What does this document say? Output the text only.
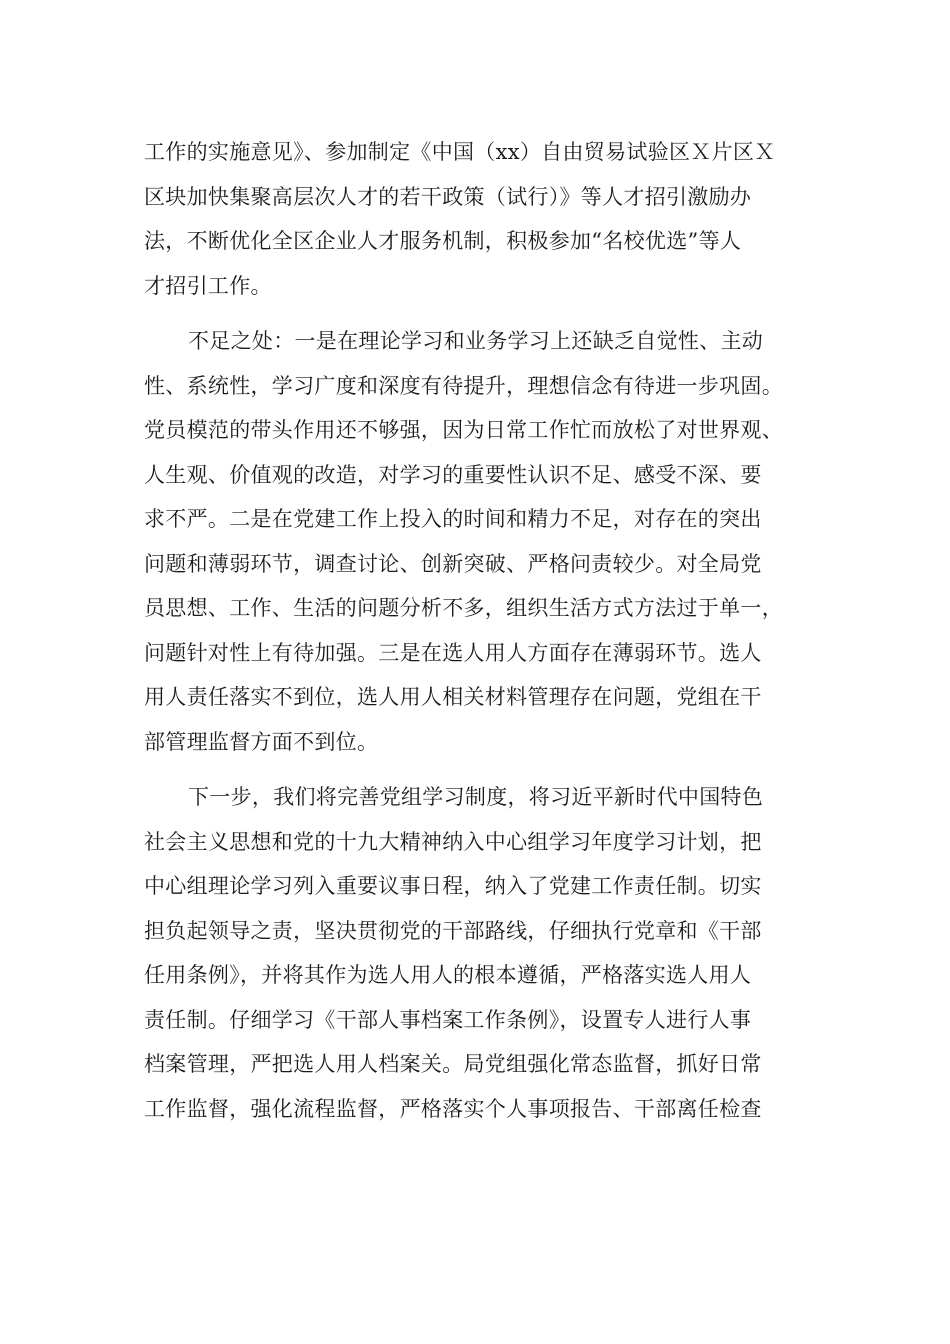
工作的实施意见》、参加制定《中国（xx）自由贸易试验区Ｘ片区Ｘ
区块加快集聚高层次人才的若干政策（试行）》等人才招引激励办
法，不断优化全区企业人才服务机制，积极参加“名校优选”等人
才招引工作。
不足之处：一是在理论学习和业务学习上还缺乏自觉性、主动
性、系统性，学习广度和深度有待提升，理想信念有待进一步巩固。
党员模范的带头作用还不够强，因为日常工作忙而放松了对世界观、
人生观、价值观的改造，对学习的重要性认识不足、感受不深、要
求不严。二是在党建工作上投入的时间和精力不足，对存在的突出
问题和薄弱环节，调查讨论、创新突破、严格问责较少。对全局党
员思想、工作、生活的问题分析不多，组织生活方式方法过于单一，
问题针对性上有待加强。三是在选人用人方面存在薄弱环节。选人
用人责任落实不到位，选人用人相关材料管理存在问题，党组在干
部管理监督方面不到位。
下一步，我们将完善党组学习制度，将习近平新时代中国特色
社会主义思想和党的十九大精神纳入中心组学习年度学习计划，把
中心组理论学习列入重要议事日程，纳入了党建工作责任制。切实
担负起领导之责，坚决贯彻党的干部路线，仔细执行党章和《干部
任用条例》，并将其作为选人用人的根本遵循，严格落实选人用人
责任制。仔细学习《干部人事档案工作条例》，设置专人进行人事
档案管理，严把选人用人档案关。局党组强化常态监督，抓好日常
工作监督，强化流程监督，严格落实个人事项报告、干部离任检查
